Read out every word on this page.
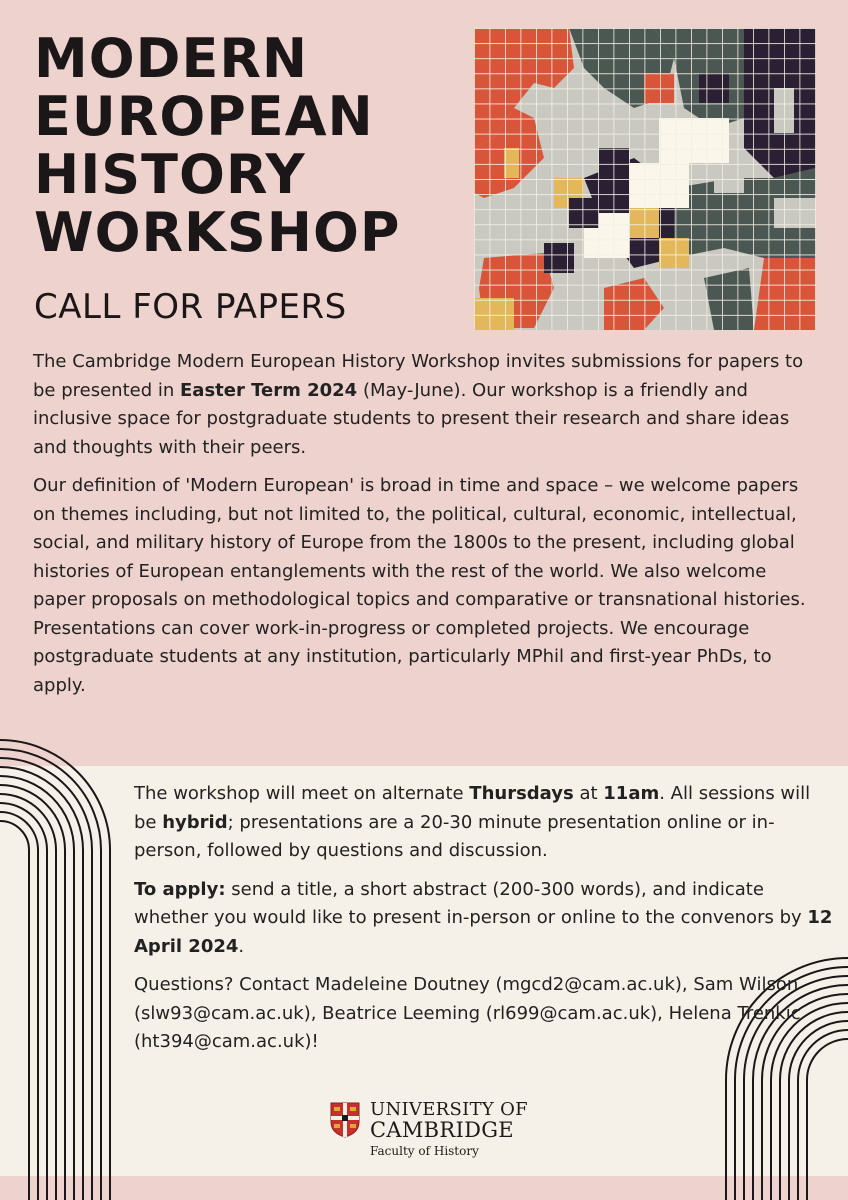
MODERN
EUROPEAN
HISTORY
WORKSHOP
CALL FOR PAPERS

The Cambridge Modern European History Workshop invites submissions for papers to be presented in Easter Term 2024 (May-June). Our workshop is a friendly and inclusive space for postgraduate students to present their research and share ideas and thoughts with their peers.

Our definition of 'Modern European' is broad in time and space – we welcome papers on themes including, but not limited to, the political, cultural, economic, intellectual, social, and military history of Europe from the 1800s to the present, including global histories of European entanglements with the rest of the world. We also welcome paper proposals on methodological topics and comparative or transnational histories. Presentations can cover work-in-progress or completed projects. We encourage postgraduate students at any institution, particularly MPhil and first-year PhDs, to apply.

The workshop will meet on alternate Thursdays at 11am. All sessions will be hybrid; presentations are a 20-30 minute presentation online or in-person, followed by questions and discussion.

To apply: send a title, a short abstract (200-300 words), and indicate whether you would like to present in-person or online to the convenors by 12 April 2024.

Questions? Contact Madeleine Doutney (mgcd2@cam.ac.uk), Sam Wilson (slw93@cam.ac.uk), Beatrice Leeming (rl699@cam.ac.uk), Helena Trenkic (ht394@cam.ac.uk)!

UNIVERSITY OF
CAMBRIDGE
Faculty of History
